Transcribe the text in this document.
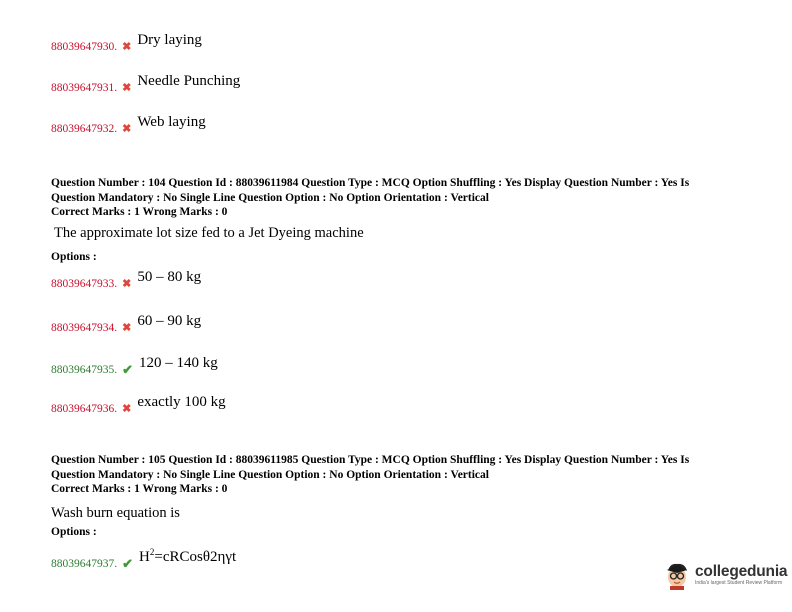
88039647930. ✖ Dry laying
88039647931. ✖ Needle Punching
88039647932. ✖ Web laying
Question Number : 104 Question Id : 88039611984 Question Type : MCQ Option Shuffling : Yes Display Question Number : Yes Is
Question Mandatory : No Single Line Question Option : No Option Orientation : Vertical
Correct Marks : 1 Wrong Marks : 0
The approximate lot size fed to a Jet Dyeing machine
Options :
88039647933. ✖ 50 – 80 kg
88039647934. ✖ 60 – 90 kg
88039647935. ✔ 120 – 140 kg
88039647936. ✖ exactly 100 kg
Question Number : 105 Question Id : 88039611985 Question Type : MCQ Option Shuffling : Yes Display Question Number : Yes Is
Question Mandatory : No Single Line Question Option : No Option Orientation : Vertical
Correct Marks : 1 Wrong Marks : 0
Wash burn equation is
Options :
88039647937. ✔ $H^2=cRCos\theta 2\eta\gamma t$
collegedunia
India's largest Student Review Platform
